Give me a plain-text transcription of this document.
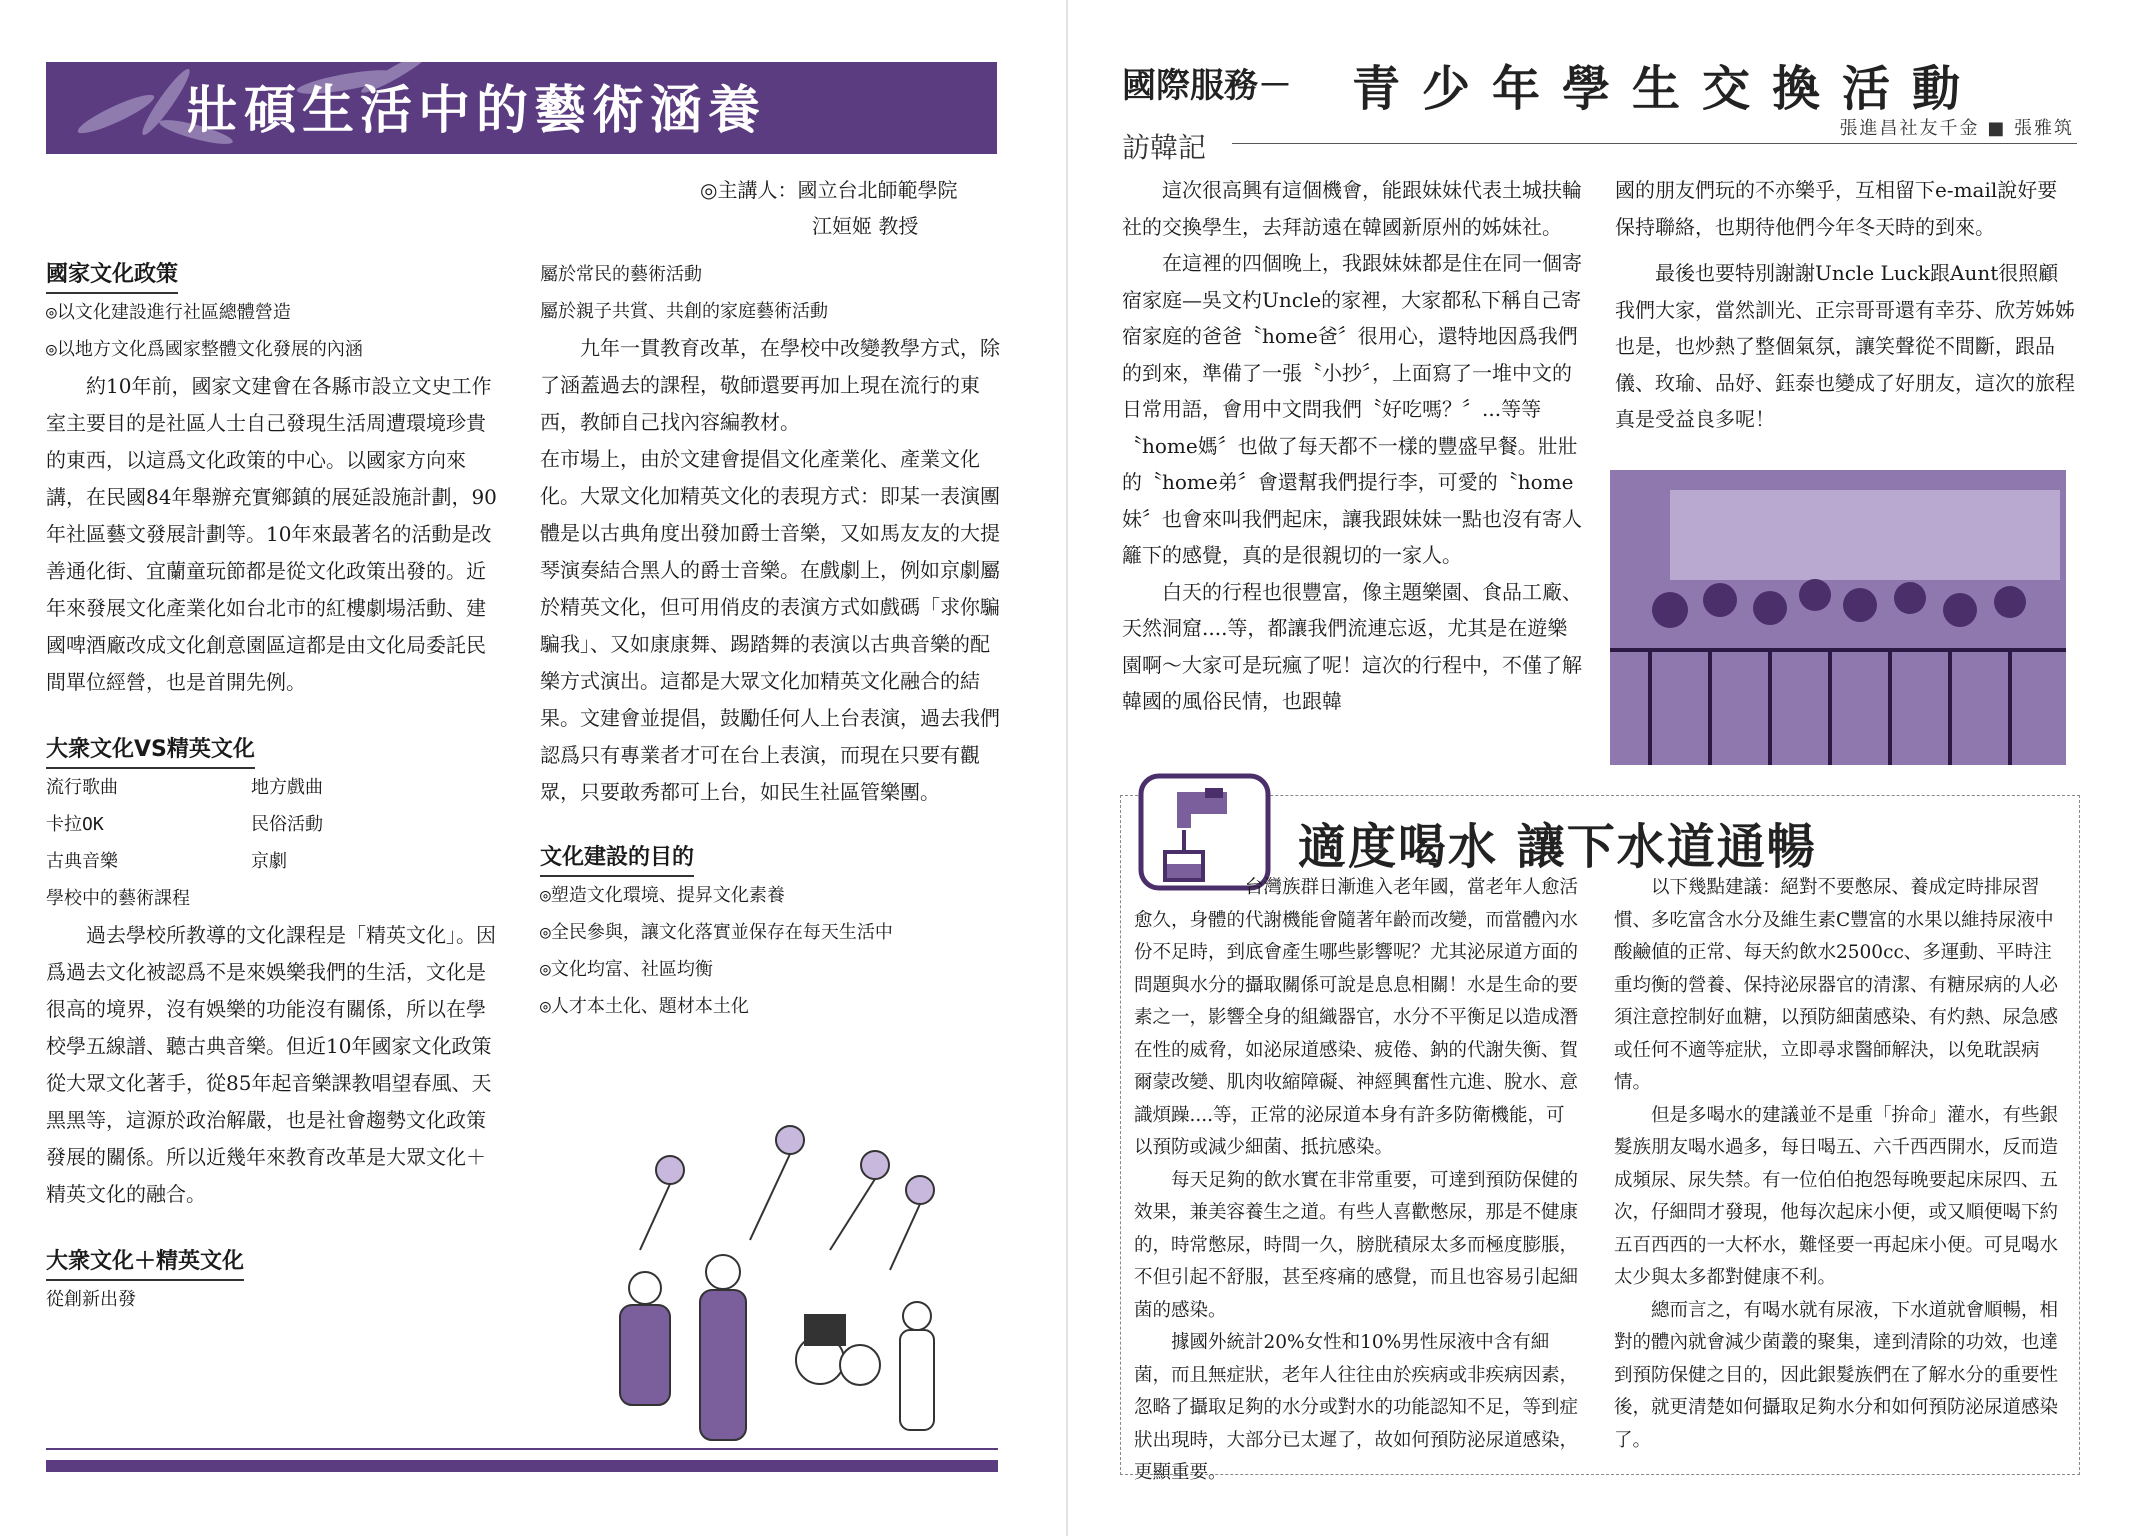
壯碩生活中的藝術涵養
◎主講人：國立台北師範學院
江姮姬 教授
國家文化政策
◎以文化建設進行社區總體營造
◎以地方文化爲國家整體文化發展的內涵

約10年前，國家文建會在各縣市設立文史工作室主要目的是社區人士自己發現生活周遭環境珍貴的東西，以這爲文化政策的中心。以國家方向來講，在民國84年舉辦充實鄉鎮的展延設施計劃，90年社區藝文發展計劃等。10年來最著名的活動是改善通化街、宜蘭童玩節都是從文化政策出發的。近年來發展文化產業化如台北市的紅樓劇場活動、建國啤酒廠改成文化創意園區這都是由文化局委託民間單位經營，也是首開先例。

大衆文化VS精英文化
流行歌曲	地方戲曲
卡拉OK	民俗活動
古典音樂	京劇
學校中的藝術課程

過去學校所教導的文化課程是「精英文化」。因爲過去文化被認爲不是來娛樂我們的生活，文化是很高的境界，沒有娛樂的功能沒有關係，所以在學校學五線譜、聽古典音樂。但近10年國家文化政策從大眾文化著手，從85年起音樂課教唱望春風、天黑黑等，這源於政治解嚴，也是社會趨勢文化政策發展的關係。所以近幾年來教育改革是大眾文化＋精英文化的融合。

大衆文化＋精英文化
從創新出發
屬於常民的藝術活動
屬於親子共賞、共創的家庭藝術活動

九年一貫教育改革，在學校中改變教學方式，除了涵蓋過去的課程，敬師還要再加上現在流行的東西，教師自己找內容編教材。

在市場上，由於文建會提倡文化產業化、產業文化化。大眾文化加精英文化的表現方式：即某一表演團體是以古典角度出發加爵士音樂，又如馬友友的大提琴演奏結合黑人的爵士音樂。在戲劇上，例如京劇屬於精英文化，但可用俏皮的表演方式如戲碼「求你騙騙我」、又如康康舞、踢踏舞的表演以古典音樂的配樂方式演出。這都是大眾文化加精英文化融合的結果。文建會並提倡，鼓勵任何人上台表演，過去我們認爲只有專業者才可在台上表演，而現在只要有觀眾，只要敢秀都可上台，如民生社區管樂團。

文化建設的目的
◎塑造文化環境、提昇文化素養
◎全民參與，讓文化落實並保存在每天生活中
◎文化均富、社區均衡
◎人才本土化、題材本土化
國際服務－ 青少年學生交換活動
訪韓記
張進昌社友千金 ■ 張雅筑

這次很高興有這個機會，能跟妹妹代表土城扶輪社的交換學生，去拜訪遠在韓國新原州的姊妹社。

在這裡的四個晚上，我跟妹妹都是住在同一個寄宿家庭—吳文杓Uncle的家裡，大家都私下稱自己寄宿家庭的爸爸〝home爸〞很用心，還特地因爲我們的到來，準備了一張〝小抄〞，上面寫了一堆中文的日常用語，會用中文問我們〝好吃嗎？〞...等等〝home媽〞也做了每天都不一樣的豐盛早餐。壯壯的〝home弟〞會還幫我們提行李，可愛的〝home妹〞也會來叫我們起床，讓我跟妹妹一點也沒有寄人籬下的感覺，真的是很親切的一家人。

白天的行程也很豐富，像主題樂園、食品工廠、天然洞窟....等，都讓我們流連忘返，尤其是在遊樂園啊～大家可是玩瘋了呢！這次的行程中，不僅了解韓國的風俗民情，也跟韓

國的朋友們玩的不亦樂乎，互相留下e-mail說好要保持聯絡，也期待他們今年冬天時的到來。

最後也要特別謝謝Uncle Luck跟Aunt很照顧我們大家，當然訓光、正宗哥哥還有幸芬、欣芳姊姊也是，也炒熱了整個氣氛，讓笑聲從不間斷，跟品儀、玫瑜、品妤、鈺泰也變成了好朋友，這次的旅程真是受益良多呢！

適度喝水 讓下水道通暢

台灣族群日漸進入老年國，當老年人愈活愈久，身體的代謝機能會隨著年齡而改變，而當體內水份不足時，到底會產生哪些影響呢？尤其泌尿道方面的問題與水分的攝取關係可說是息息相關！水是生命的要素之一，影響全身的組織器官，水分不平衡足以造成潛在性的威脅，如泌尿道感染、疲倦、鈉的代謝失衡、賀爾蒙改變、肌肉收縮障礙、神經興奮性亢進、脫水、意識煩躁....等，正常的泌尿道本身有許多防衛機能，可以預防或減少細菌、抵抗感染。

每天足夠的飲水實在非常重要，可達到預防保健的效果，兼美容養生之道。有些人喜歡憋尿，那是不健康的，時常憋尿，時間一久，膀胱積尿太多而極度膨脹，不但引起不舒服，甚至疼痛的感覺，而且也容易引起細菌的感染。

據國外統計20%女性和10%男性尿液中含有細菌，而且無症狀，老年人往往由於疾病或非疾病因素，忽略了攝取足夠的水分或對水的功能認知不足，等到症狀出現時，大部分已太遲了，故如何預防泌尿道感染，更顯重要。

以下幾點建議：絕對不要憋尿、養成定時排尿習慣、多吃富含水分及維生素C豐富的水果以維持尿液中酸鹼値的正常、每天約飲水2500cc、多運動、平時注重均衡的營養、保持泌尿器官的清潔、有糖尿病的人必須注意控制好血糖，以預防細菌感染、有灼熱、尿急感或任何不適等症狀，立即尋求醫師解決，以免耽誤病情。

但是多喝水的建議並不是重「拚命」灌水，有些銀髮族朋友喝水過多，每日喝五、六千西西開水，反而造成頻尿、尿失禁。有一位伯伯抱怨每晚要起床尿四、五次，仔細問才發現，他每次起床小便，或又順便喝下約五百西西的一大杯水，難怪要一再起床小便。可見喝水太少與太多都對健康不利。

總而言之，有喝水就有尿液，下水道就會順暢，相對的體內就會減少菌叢的聚集，達到清除的功效，也達到預防保健之目的，因此銀髮族們在了解水分的重要性後，就更清楚如何攝取足夠水分和如何預防泌尿道感染了。
